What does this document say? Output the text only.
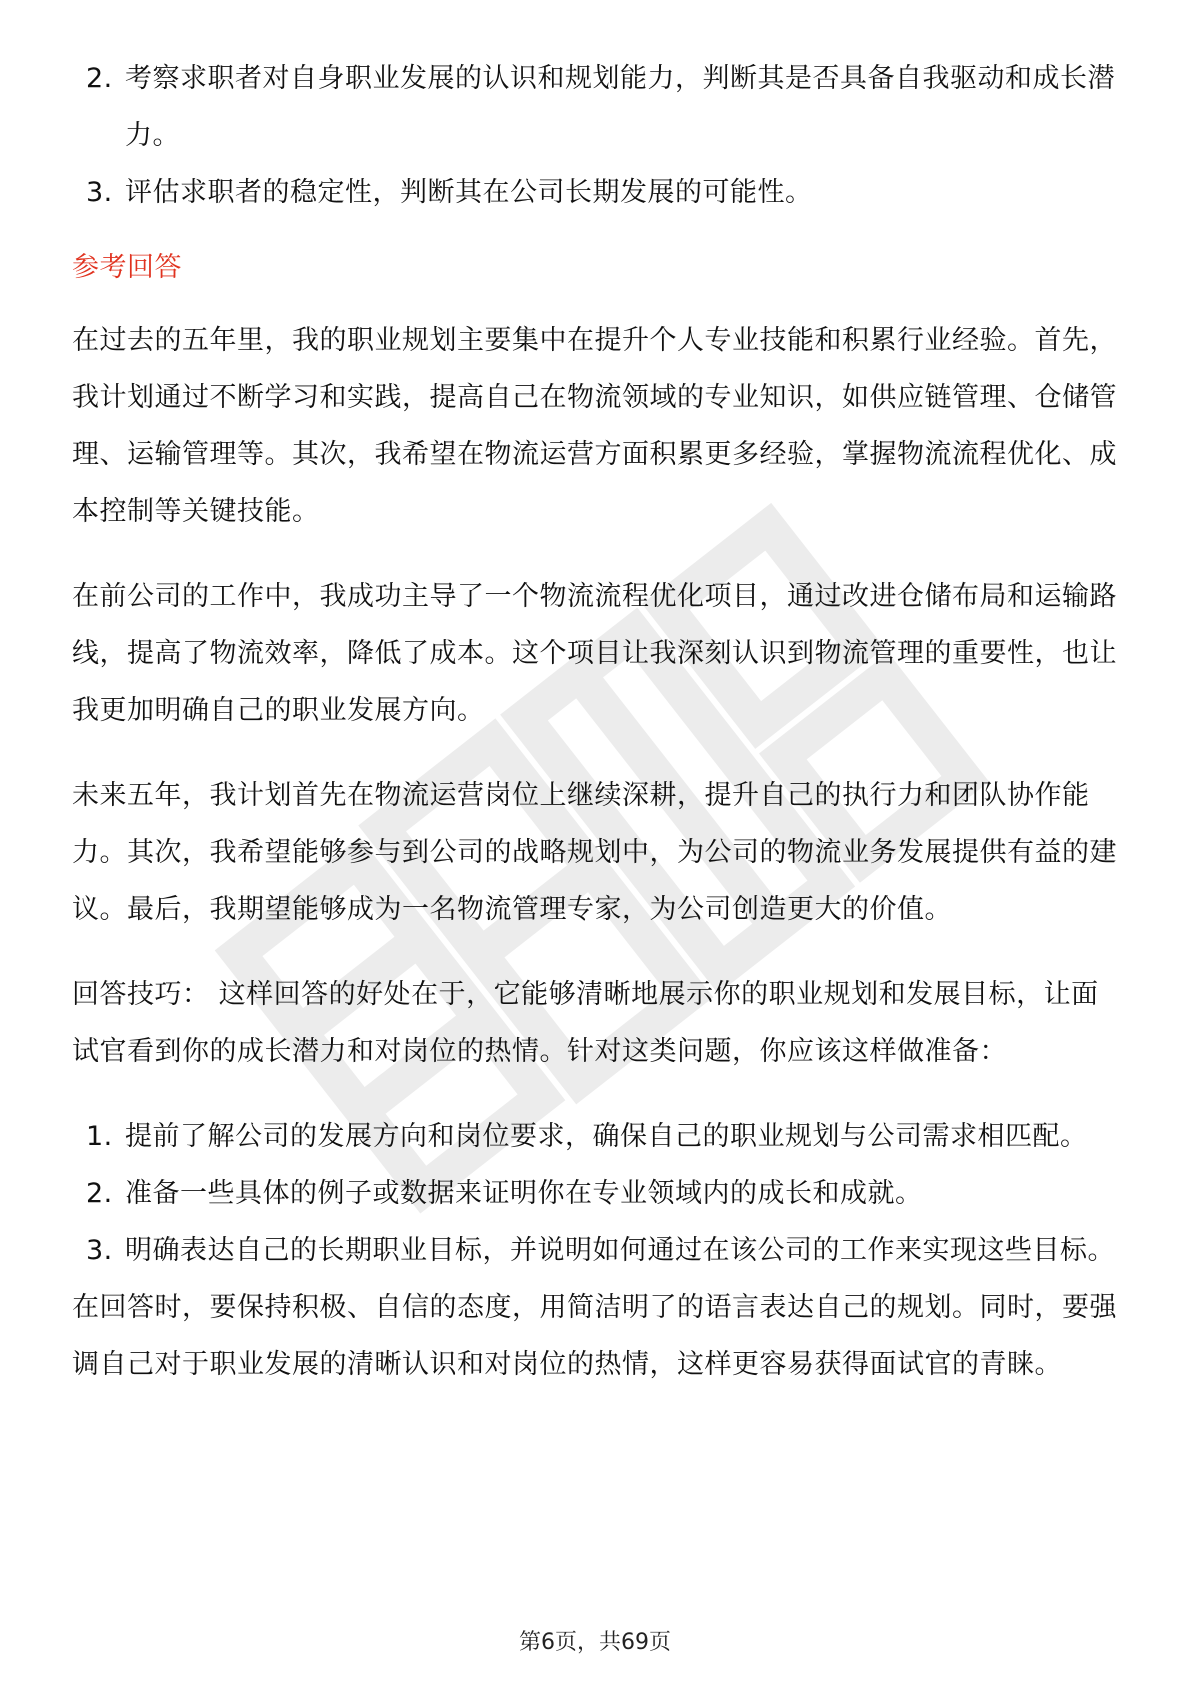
2. 考察求职者对自身职业发展的认识和规划能力，判断其是否具备自我驱动和成长潜力。
3. 评估求职者的稳定性，判断其在公司长期发展的可能性。
参考回答

在过去的五年里，我的职业规划主要集中在提升个人专业技能和积累行业经验。首先，我计划通过不断学习和实践，提高自己在物流领域的专业知识，如供应链管理、仓储管理、运输管理等。其次，我希望在物流运营方面积累更多经验，掌握物流流程优化、成本控制等关键技能。

在前公司的工作中，我成功主导了一个物流流程优化项目，通过改进仓储布局和运输路线，提高了物流效率，降低了成本。这个项目让我深刻认识到物流管理的重要性，也让我更加明确自己的职业发展方向。

未来五年，我计划首先在物流运营岗位上继续深耕，提升自己的执行力和团队协作能力。其次，我希望能够参与到公司的战略规划中，为公司的物流业务发展提供有益的建议。最后，我期望能够成为一名物流管理专家，为公司创造更大的价值。

回答技巧： 这样回答的好处在于，它能够清晰地展示你的职业规划和发展目标，让面试官看到你的成长潜力和对岗位的热情。针对这类问题，你应该这样做准备：

1. 提前了解公司的发展方向和岗位要求，确保自己的职业规划与公司需求相匹配。
2. 准备一些具体的例子或数据来证明你在专业领域内的成长和成就。
3. 明确表达自己的长期职业目标，并说明如何通过在该公司的工作来实现这些目标。

在回答时，要保持积极、自信的态度，用简洁明了的语言表达自己的规划。同时，要强调自己对于职业发展的清晰认识和对岗位的热情，这样更容易获得面试官的青睐。

第6页，共69页
